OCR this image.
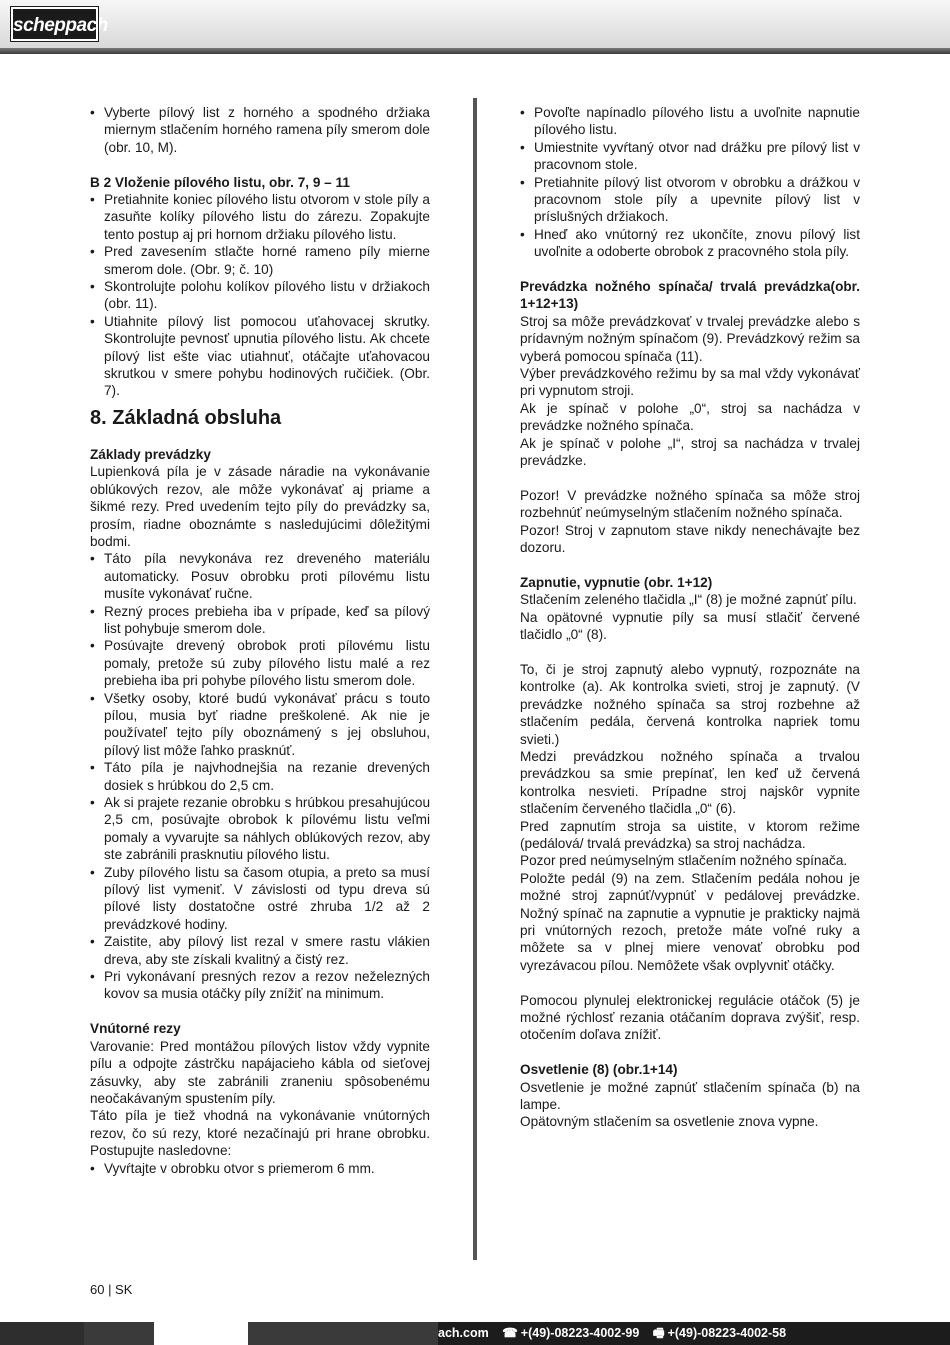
scheppach
• Vyberte pílový list z horného a spodného držiaka miernym stlačením horného ramena píly smerom dole (obr. 10, M).

B 2 Vloženie pílového listu, obr. 7, 9 – 11

• Pretiahnite koniec pílového listu otvorom v stole píly a zasuňte kolíky pílového listu do zárezu. Zopakujte tento postup aj pri hornom držiaku pílového listu.
• Pred zavesením stlačte horné rameno píly mierne smerom dole. (Obr. 9; č. 10)
• Skontrolujte polohu kolíkov pílového listu v držiakoch (obr. 11).
• Utiahnite pílový list pomocou uťahovacej skrutky. Skontrolujte pevnosť upnutia pílového listu. Ak chcete pílový list ešte viac utiahnuť, otáčajte uťahovacou skrutkou v smere pohybu hodinových ručičiek. (Obr. 7).

8. Základná obsluha

Základy prevádzky

Lupienková píla je v zásade náradie na vykonávanie oblúkových rezov, ale môže vykonávať aj priame a šikmé rezy. Pred uvedením tejto píly do prevádzky sa, prosím, riadne oboznámte s nasledujúcimi dôležitými bodmi.

• Táto píla nevykonáva rez dreveného materiálu automaticky. Posuv obrobku proti pílovému listu musíte vykonávať ručne.
• Rezný proces prebieha iba v prípade, keď sa pílový list pohybuje smerom dole.
• Posúvajte drevený obrobok proti pílovému listu pomaly, pretože sú zuby pílového listu malé a rez prebieha iba pri pohybe pílového listu smerom dole.
• Všetky osoby, ktoré budú vykonávať prácu s touto pílou, musia byť riadne preškolené. Ak nie je používateľ tejto píly oboznámený s jej obsluhou, pílový list môže ľahko prasknúť.
• Táto píla je najvhodnejšia na rezanie drevených dosiek s hrúbkou do 2,5 cm.
• Ak si prajete rezanie obrobku s hrúbkou presahujúcou 2,5 cm, posúvajte obrobok k pílovému listu veľmi pomaly a vyvarujte sa náhlych oblúkových rezov, aby ste zabránili prasknutiu pílového listu.
• Zuby pílového listu sa časom otupia, a preto sa musí pílový list vymeniť. V závislosti od typu dreva sú pílové listy dostatočne ostré zhruba 1/2 až 2 prevádzkové hodiny.
• Zaistite, aby pílový list rezal v smere rastu vlákien dreva, aby ste získali kvalitný a čistý rez.
• Pri vykonávaní presných rezov a rezov neželezných kovov sa musia otáčky píly znížiť na minimum.

Vnútorné rezy

Varovanie: Pred montážou pílových listov vždy vypnite pílu a odpojte zástrčku napájacieho kábla od sieťovej zásuvky, aby ste zabránili zraneniu spôsobenému neočakávaným spustením píly.

Táto píla je tiež vhodná na vykonávanie vnútorných rezov, čo sú rezy, ktoré nezačínajú pri hrane obrobku. Postupujte nasledovne:

• Vyvŕtajte v obrobku otvor s priemerom 6 mm.
• Povoľte napínadlo pílového listu a uvoľnite napnutie pílového listu.
• Umiestnite vyvŕtaný otvor nad drážku pre pílový list v pracovnom stole.
• Pretiahnite pílový list otvorom v obrobku a drážkou v pracovnom stole píly a upevnite pílový list v príslušných držiakoch.
• Hneď ako vnútorný rez ukončíte, znovu pílový list uvoľnite a odoberte obrobok z pracovného stola píly.

Prevádzka nožného spínača/ trvalá prevádzka(obr. 1+12+13)

Stroj sa môže prevádzkovať v trvalej prevádzke alebo s prídavným nožným spínačom (9). Prevádzkový režim sa vyberá pomocou spínača (11).

Výber prevádzkového režimu by sa mal vždy vykonávať pri vypnutom stroji.

Ak je spínač v polohe „0“, stroj sa nachádza v prevádzke nožného spínača.

Ak je spínač v polohe „I“, stroj sa nachádza v trvalej prevádzke.

Pozor! V prevádzke nožného spínača sa môže stroj rozbehnúť neúmyselným stlačením nožného spínača.

Pozor! Stroj v zapnutom stave nikdy nenechávajte bez dozoru.

Zapnutie, vypnutie (obr. 1+12)

Stlačením zeleného tlačidla „I“ (8) je možné zapnúť pílu.

Na opätovné vypnutie píly sa musí stlačiť červené tlačidlo „0“ (8).

To, či je stroj zapnutý alebo vypnutý, rozpoznáte na kontrolke (a). Ak kontrolka svieti, stroj je zapnutý. (V prevádzke nožného spínača sa stroj rozbehne až stlačením pedála, červená kontrolka napriek tomu svieti.)

Medzi prevádzkou nožného spínača a trvalou prevádzkou sa smie prepínať, len keď už červená kontrolka nesvieti. Prípadne stroj najskôr vypnite stlačením červeného tlačidla „0“ (6).

Pred zapnutím stroja sa uistite, v ktorom režime (pedálová/ trvalá prevádzka) sa stroj nachádza.

Pozor pred neúmyselným stlačením nožného spínača.

Položte pedál (9) na zem. Stlačením pedála nohou je možné stroj zapnúť/vypnúť v pedálovej prevádzke. Nožný spínač na zapnutie a vypnutie je prakticky najmä pri vnútorných rezoch, pretože máte voľné ruky a môžete sa v plnej miere venovať obrobku pod vyrezávacou pílou. Nemôžete však ovplyvniť otáčky.

Pomocou plynulej elektronickej regulácie otáčok (5) je možné rýchlosť rezania otáčaním doprava zvýšiť, resp. otočením doľava znížiť.

Osvetlenie (8) (obr.1+14)

Osvetlenie je možné zapnúť stlačením spínača (b) na lampe.

Opätovným stlačením sa osvetlenie znova vypne.

60 | SK
ach.com ☎ +(49)-08223-4002-99 🖷 +(49)-08223-4002-58
